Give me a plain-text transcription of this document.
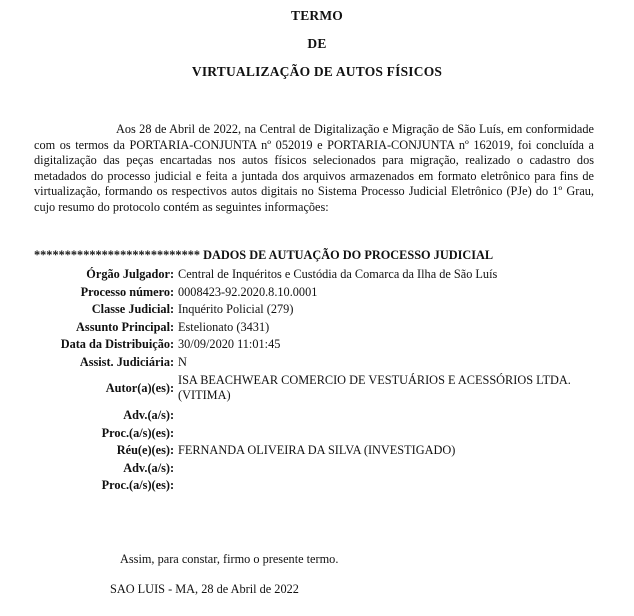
TERMO
DE
VIRTUALIZAÇÃO DE AUTOS FÍSICOS
Aos 28 de Abril de 2022, na Central de Digitalização e Migração de São Luís, em conformidade com os termos da PORTARIA-CONJUNTA nº 052019 e PORTARIA-CONJUNTA nº 162019, foi concluída a digitalização das peças encartadas nos autos físicos selecionados para migração, realizado o cadastro dos metadados do processo judicial e feita a juntada dos arquivos armazenados em formato eletrônico para fins de virtualização, formando os respectivos autos digitais no Sistema Processo Judicial Eletrônico (PJe) do 1º Grau, cujo resumo do protocolo contém as seguintes informações:
*************************** DADOS DE AUTUAÇÃO DO PROCESSO JUDICIAL
Órgão Julgador : Central de Inquéritos e Custódia da Comarca da Ilha de São Luís
Processo número : 0008423-92.2020.8.10.0001
Classe Judicial : Inquérito Policial (279)
Assunto Principal : Estelionato (3431)
Data da Distribuição : 30/09/2020 11:01:45
Assist. Judiciária : N
Autor(a)(es) :
ISA BEACHWEAR COMERCIO DE VESTUÁRIOS E ACESSÓRIOS LTDA. (VITIMA)
Adv.(a/s) :
Proc.(a/s)(es) :
Réu(e)(es) : FERNANDA OLIVEIRA DA SILVA (INVESTIGADO)
Adv.(a/s) :
Proc.(a/s)(es) :
Assim, para constar, firmo o presente termo.
SAO LUIS - MA, 28 de Abril de 2022
